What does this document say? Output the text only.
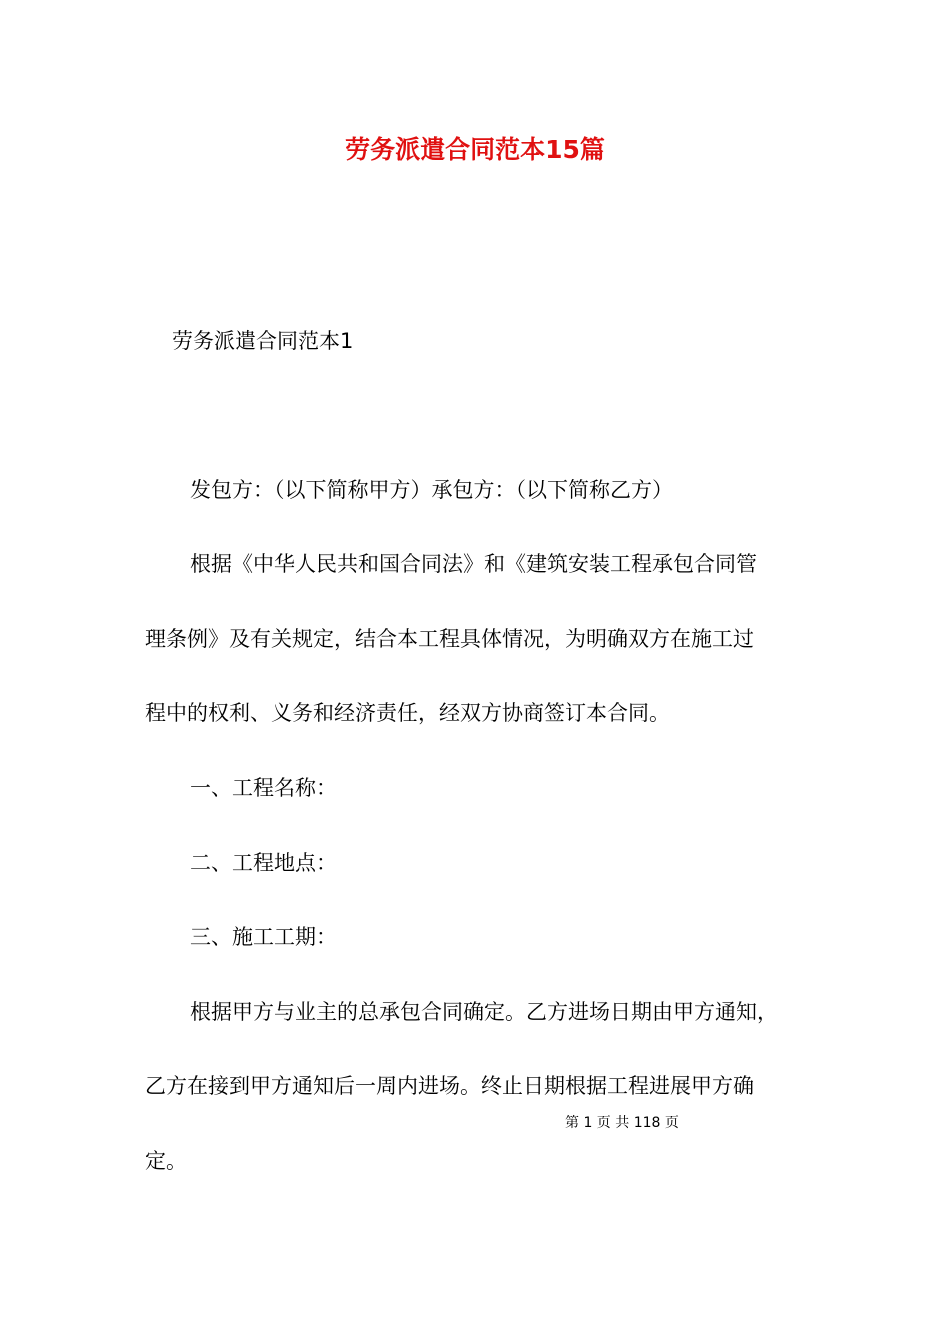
劳务派遣合同范本15篇
劳务派遣合同范本1
发包方：（以下简称甲方）承包方：（以下简称乙方）
根据《中华人民共和国合同法》和《建筑安装工程承包合同管
理条例》及有关规定，结合本工程具体情况，为明确双方在施工过
程中的权利、义务和经济责任，经双方协商签订本合同。
一、工程名称：
二、工程地点：
三、施工工期：
根据甲方与业主的总承包合同确定。乙方进场日期由甲方通知，
乙方在接到甲方通知后一周内进场。终止日期根据工程进展甲方确
定。
第 1 页 共 118 页
